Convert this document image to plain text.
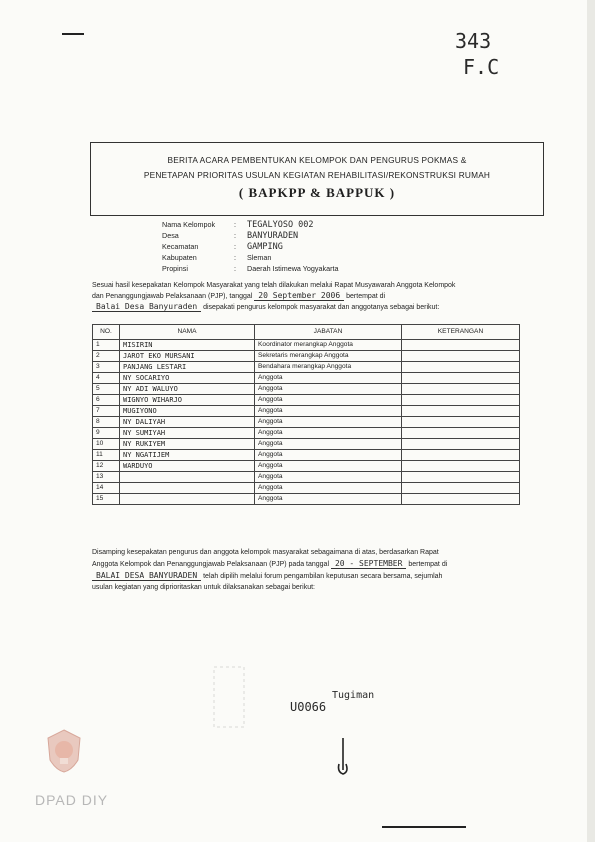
343
F.C
BERITA ACARA PEMBENTUKAN KELOMPOK DAN PENGURUS POKMAS &
PENETAPAN PRIORITAS USULAN KEGIATAN REHABILITASI/REKONSTRUKSI RUMAH
( BAPKPP & BAPPUK )
Nama Kelompok	: TEGALYOSO 002
Desa	: BANYURADEN
Kecamatan	: GAMPING
Kabupaten	: Sleman
Propinsi	: Daerah Istimewa Yogyakarta
Sesuai hasil kesepakatan Kelompok Masyarakat yang telah dilakukan melalui Rapat Musyawarah Anggota Kelompok
dan Penanggungjawab Pelaksanaan (PJP), tanggal 20 September 2006 bertempat di
Balai Desa Banyuraden disepakati pengurus kelompok masyarakat dan anggotanya sebagai berikut:
NO.	NAMA	JABATAN	KETERANGAN
1	MISIRIN	Koordinator merangkap Anggota	
2	JAROT EKO MURSANI	Sekretaris merangkap Anggota	
3	PANJANG LESTARI	Bendahara merangkap Anggota	
4	NY SOCARIYO	Anggota	
5	NY ADI WALUYO	Anggota	
6	WIGNYO WIHARJO	Anggota	
7	MUGIYONO	Anggota	
8	NY DALIYAH	Anggota	
9	NY SUMIYAH	Anggota	
10	NY RUKIYEM	Anggota	
11	NY NGATIJEM	Anggota	
12	WARDUYO	Anggota	
13		Anggota	
14		Anggota	
15		Anggota	
Disamping kesepakatan pengurus dan anggota kelompok masyarakat sebagaimana di atas, berdasarkan Rapat
Anggota Kelompok dan Penanggungjawab Pelaksanaan (PJP) pada tanggal 20 - SEPTEMBER bertempat di
BALAI DESA BANYURADEN telah dipilih melalui forum pengambilan keputusan secara bersama, sejumlah
usulan kegiatan yang diprioritaskan untuk dilaksanakan sebagai berikut:
Tugiman
U0066
DPAD DIY
